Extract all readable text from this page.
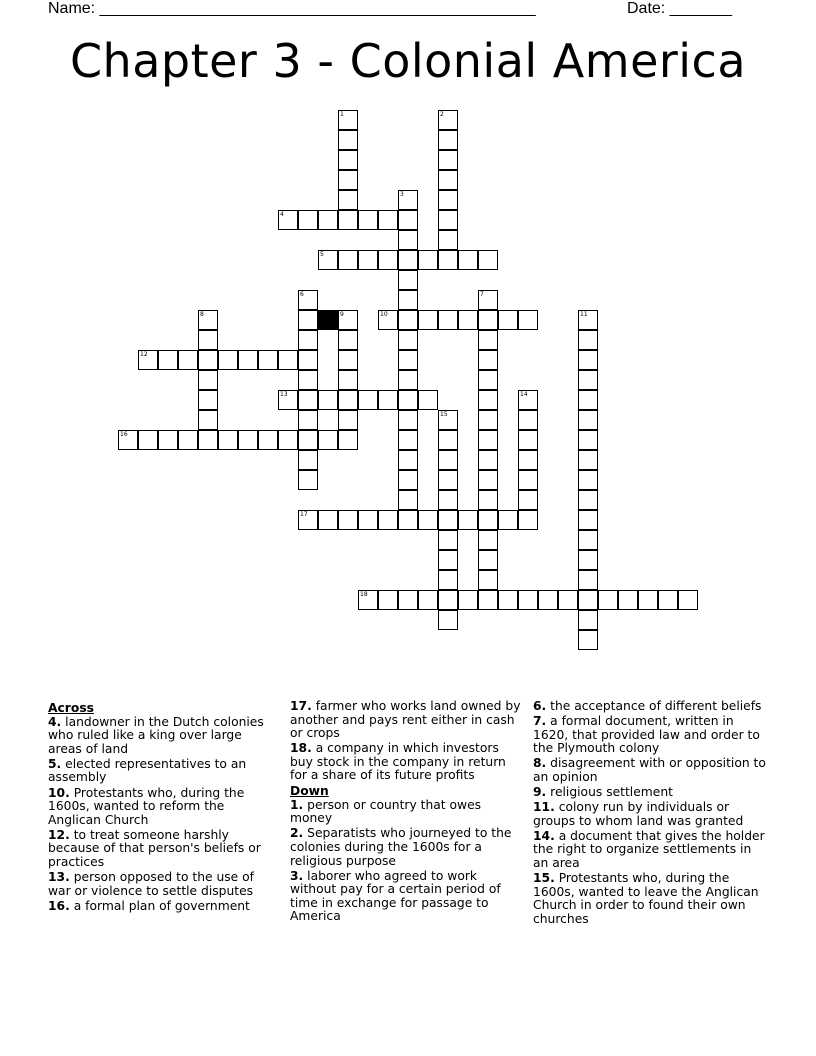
Name: _________________________________________________	Date: _______
Chapter 3 - Colonial America
4
5
10
12
13
16
17
18
1	2
3
6	7
8	9	11
14
15
Across
4. landowner in the Dutch colonies who ruled like a king over large areas of land
5. elected representatives to an assembly
10. Protestants who, during the 1600s, wanted to reform the Anglican Church
12. to treat someone harshly because of that person's beliefs or practices
13. person opposed to the use of war or violence to settle disputes
16. a formal plan of government
17. farmer who works land owned by another and pays rent either in cash or crops
18. a company in which investors buy stock in the company in return for a share of its future profits
Down
1. person or country that owes money
2. Separatists who journeyed to the colonies during the 1600s for a religious purpose
3. laborer who agreed to work without pay for a certain period of time in exchange for passage to America
6. the acceptance of different beliefs
7. a formal document, written in 1620, that provided law and order to the Plymouth colony
8. disagreement with or opposition to an opinion
9. religious settlement
11. colony run by individuals or groups to whom land was granted
14. a document that gives the holder the right to organize settlements in an area
15. Protestants who, during the 1600s, wanted to leave the Anglican Church in order to found their own churches
